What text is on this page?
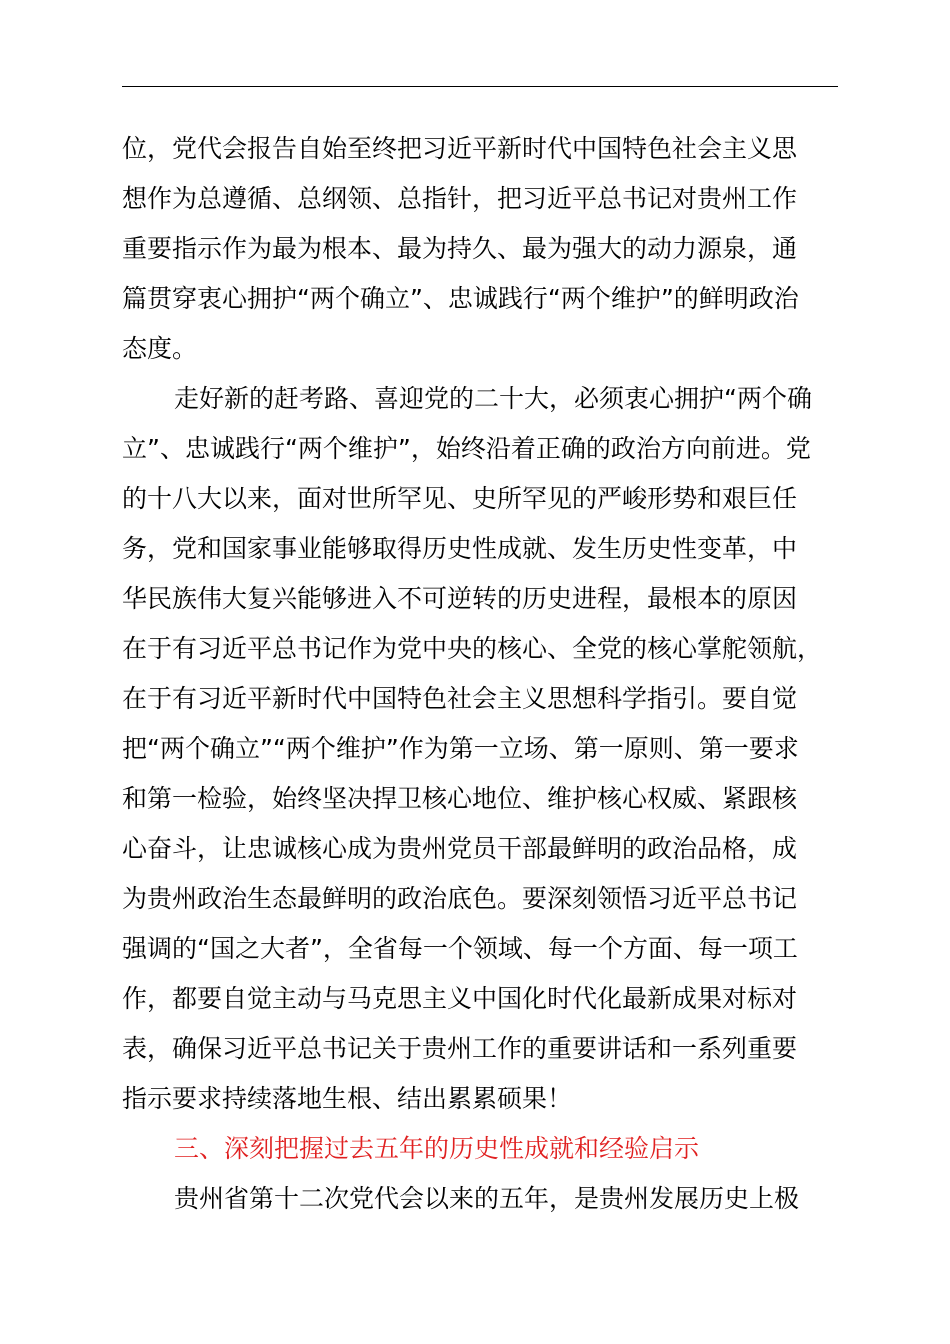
位，党代会报告自始至终把习近平新时代中国特色社会主义思
想作为总遵循、总纲领、总指针，把习近平总书记对贵州工作
重要指示作为最为根本、最为持久、最为强大的动力源泉，通
篇贯穿衷心拥护“两个确立”、忠诚践行“两个维护”的鲜明政治
态度。
走好新的赶考路、喜迎党的二十大，必须衷心拥护“两个确
立”、忠诚践行“两个维护”，始终沿着正确的政治方向前进。党
的十八大以来，面对世所罕见、史所罕见的严峻形势和艰巨任
务，党和国家事业能够取得历史性成就、发生历史性变革，中
华民族伟大复兴能够进入不可逆转的历史进程，最根本的原因
在于有习近平总书记作为党中央的核心、全党的核心掌舵领航，
在于有习近平新时代中国特色社会主义思想科学指引。要自觉
把“两个确立”“两个维护”作为第一立场、第一原则、第一要求
和第一检验，始终坚决捍卫核心地位、维护核心权威、紧跟核
心奋斗，让忠诚核心成为贵州党员干部最鲜明的政治品格，成
为贵州政治生态最鲜明的政治底色。要深刻领悟习近平总书记
强调的“国之大者”，全省每一个领域、每一个方面、每一项工
作，都要自觉主动与马克思主义中国化时代化最新成果对标对
表，确保习近平总书记关于贵州工作的重要讲话和一系列重要
指示要求持续落地生根、结出累累硕果！
三、深刻把握过去五年的历史性成就和经验启示
贵州省第十二次党代会以来的五年，是贵州发展历史上极
